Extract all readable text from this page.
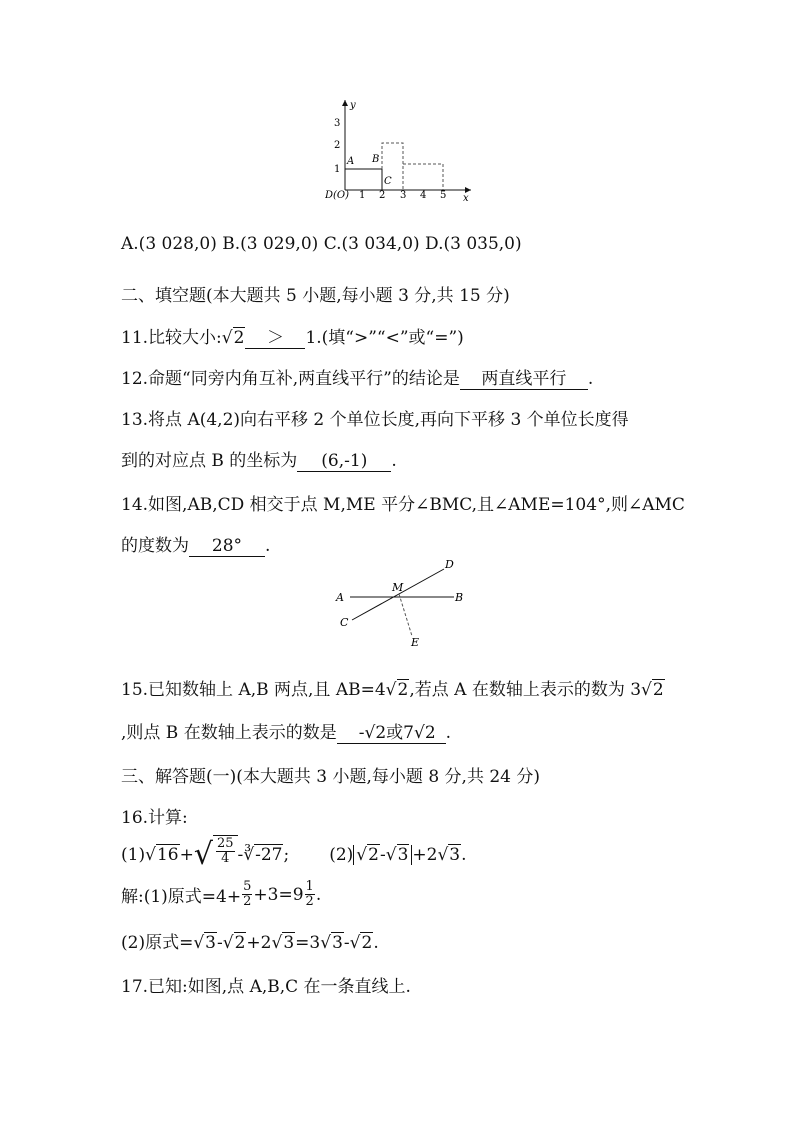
y
x
D(O) 1 2 3 4 5
1
2
3
A B
C
A.(3 028,0) B.(3 029,0) C.(3 034,0) D.(3 035,0)
二、填空题(本大题共 5 小题,每小题 3 分,共 15 分)
11.比较大小:√2 ＞ 1.(填“>”“<”或“=”)
12.命题“同旁内角互补,两直线平行”的结论是 两直线平行 .
13.将点 A(4,2)向右平移 2 个单位长度,再向下平移 3 个单位长度得
到的对应点 B 的坐标为 (6,-1) .
14.如图,AB,CD 相交于点 M,ME 平分∠BMC,且∠AME=104°,则∠AMC
的度数为 28° .
A	B
C
D
M
E
15.已知数轴上 A,B 两点,且 AB=4√2,若点 A 在数轴上表示的数为 3√2
,则点 B 在数轴上表示的数是 -√2或7√2 .
三、解答题(一)(本大题共 3 小题,每小题 8 分,共 24 分)
16.计算:
(1) √ 16 + √ $\frac{25}{4}$ -∛ -27 ; (2) √2-√3 +2 √ 3 .
解:(1)原式$=4+ \frac{5}{2} +3=9 \frac{1}{2}$ .
(2)原式=√3-√2+2√3=3√3-√2.
17.已知:如图,点 A,B,C 在一条直线上.
